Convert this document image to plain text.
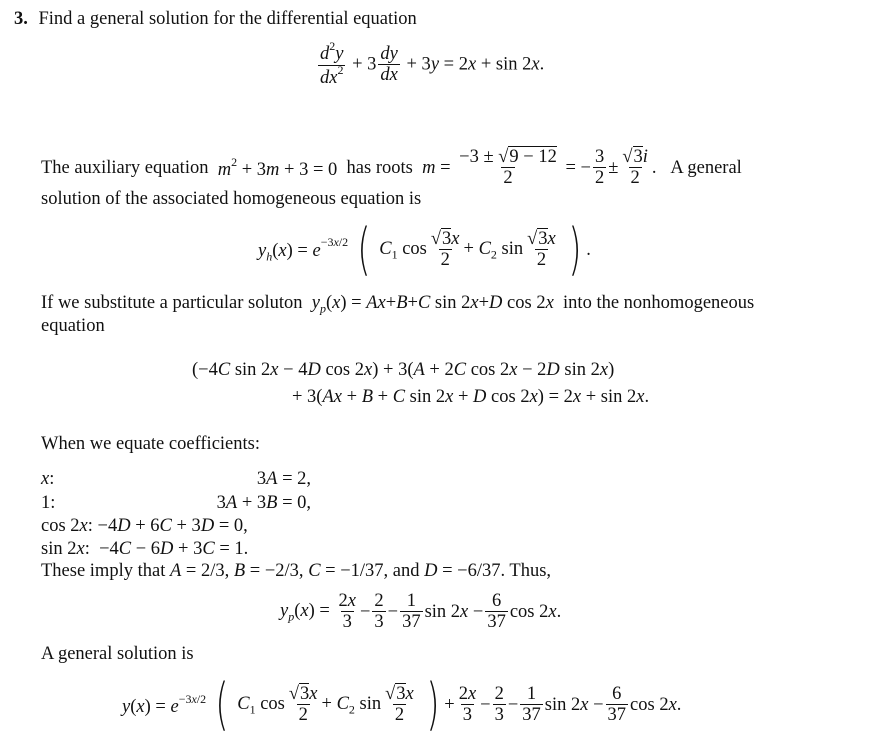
3. Find a general solution for the differential equation
$\frac{d^2y}{dx^2} + 3 \frac{dy}{dx} + 3y = 2x + \sin 2x$.
The auxiliary equation $m^2 + 3m + 3 = 0$  has roots $m = \frac{-3 \pm √9 - 12}{2}$ = − $\frac{3}{2} \pm \frac{√3i}{2}$ .   A general
solution of the associated homogeneous equation is
$y_h(x) = e^{-3x/2}$ ( $C_1$ $\cos \frac{√3x}{2} + C_2$ $\sin \frac{√3x}{2}$ ) .
If we substitute a particular soluton $y_p(x) = Ax+B+C$ sin 2x+D cos 2x into the nonhomogeneous
equation
(−4C sin 2x − 4D cos 2x) + 3(A + 2C cos 2x − 2D sin 2x)
+ 3(Ax + B + C sin 2x + D cos 2x) = 2x + sin 2x.
When we equate coefficients:
x:	3A = 2,
1:	3A + 3B = 0,
cos 2x: −4D + 6C + 3D = 0,
sin 2x:  −4C − 6D + 3C = 1.
These imply that A = 2/3, B = −2/3, C = −1/37, and D = −6/37. Thus,
$y_p(x) = \frac{2x}{3} - \frac{2}{3} - \frac{1}{37}$ $\sin 2x - \frac{6}{37}$ cos 2x.
A general solution is
$y(x) = e^{-3x/2}$ ( $C_1$ $\cos \frac{√3x}{2} + C_2$ $\sin \frac{√3x}{2}$ ) + $\frac{2x}{3} - \frac{2}{3} - \frac{1}{37}$ $\sin 2x - \frac{6}{37}$ cos 2x.
